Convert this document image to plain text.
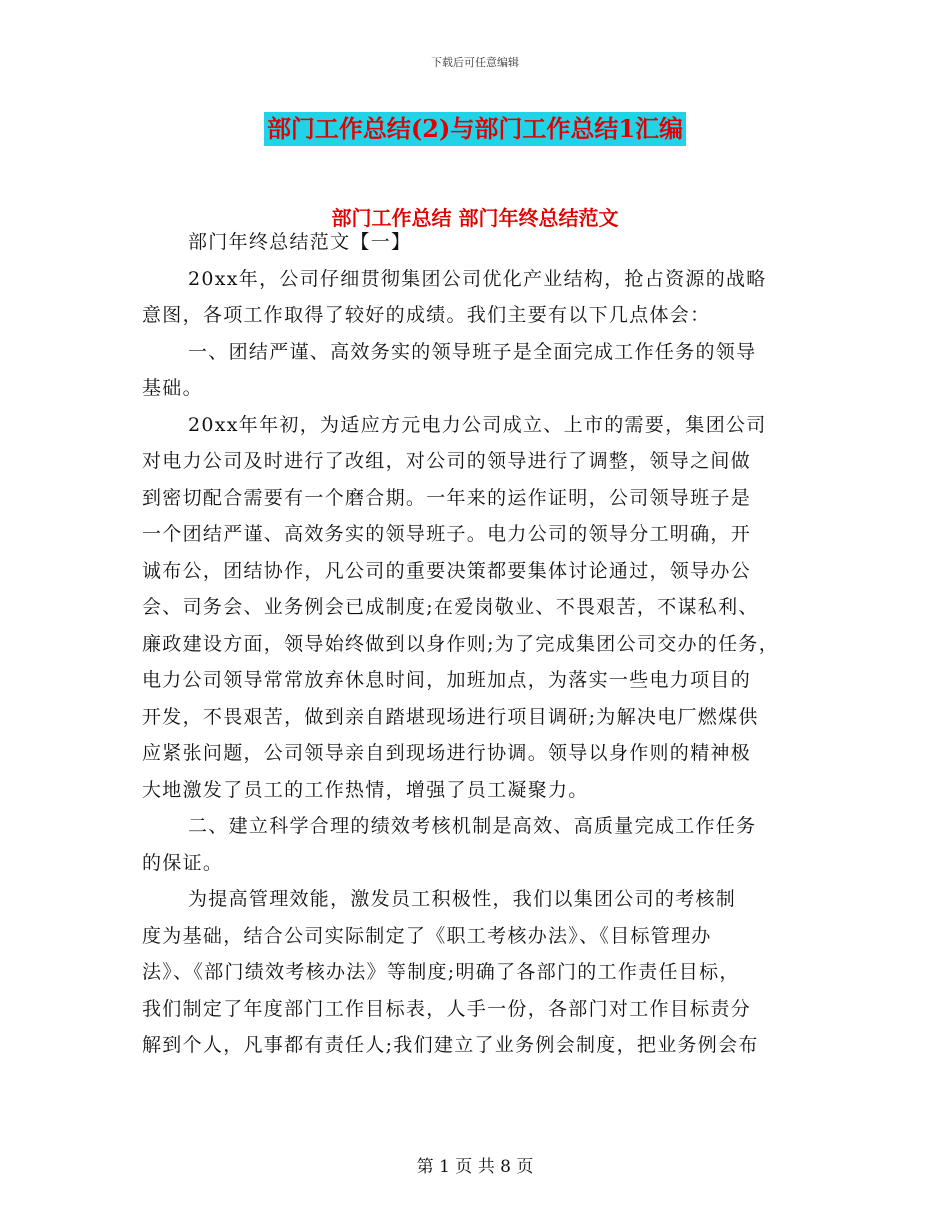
下载后可任意编辑
部门工作总结(2)与部门工作总结1汇编
部门工作总结 部门年终总结范文
部门年终总结范文【一】
20xx年，公司仔细贯彻集团公司优化产业结构，抢占资源的战略
意图，各项工作取得了较好的成绩。我们主要有以下几点体会：
一、团结严谨、高效务实的领导班子是全面完成工作任务的领导
基础。
20xx年年初，为适应方元电力公司成立、上市的需要，集团公司
对电力公司及时进行了改组，对公司的领导进行了调整，领导之间做
到密切配合需要有一个磨合期。一年来的运作证明，公司领导班子是
一个团结严谨、高效务实的领导班子。电力公司的领导分工明确，开
诚布公，团结协作，凡公司的重要决策都要集体讨论通过，领导办公
会、司务会、业务例会已成制度;在爱岗敬业、不畏艰苦，不谋私利、
廉政建设方面，领导始终做到以身作则;为了完成集团公司交办的任务，
电力公司领导常常放弃休息时间，加班加点，为落实一些电力项目的
开发，不畏艰苦，做到亲自踏堪现场进行项目调研;为解决电厂燃煤供
应紧张问题，公司领导亲自到现场进行协调。领导以身作则的精神极
大地激发了员工的工作热情，增强了员工凝聚力。
二、建立科学合理的绩效考核机制是高效、高质量完成工作任务
的保证。
为提高管理效能，激发员工积极性，我们以集团公司的考核制
度为基础，结合公司实际制定了《职工考核办法》、《目标管理办
法》、《部门绩效考核办法》等制度;明确了各部门的工作责任目标，
我们制定了年度部门工作目标表，人手一份，各部门对工作目标责分
解到个人，凡事都有责任人;我们建立了业务例会制度，把业务例会布
第 1 页 共 8 页
